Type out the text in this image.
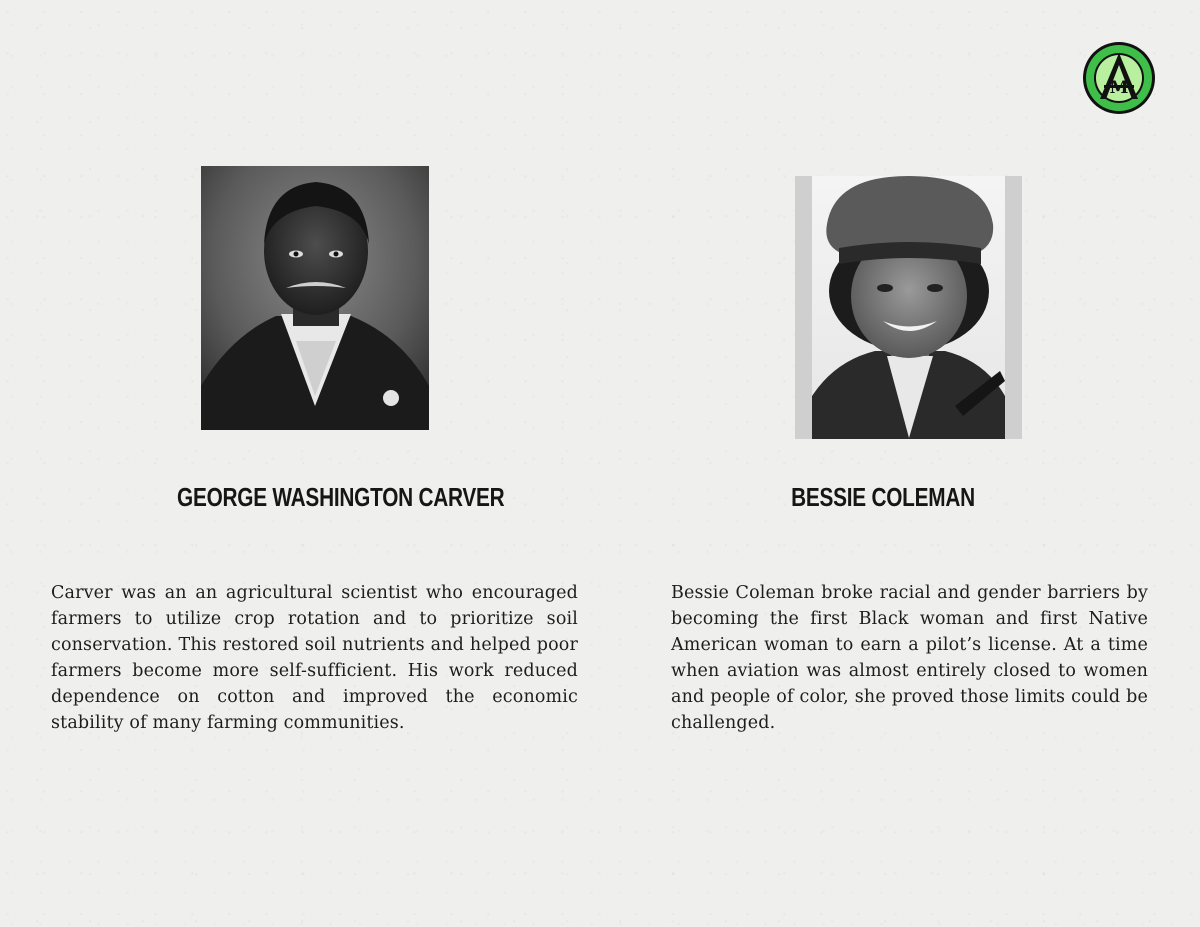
M
GEORGE WASHINGTON CARVER	BESSIE COLEMAN

Carver was an an agricultural scientist who encouraged farmers to utilize crop rotation and to prioritize soil conservation. This restored soil nutrients and helped poor farmers become more self-sufficient. His work reduced dependence on cotton and improved the economic stability of many farming communities.

Bessie Coleman broke racial and gender barriers by becoming the first Black woman and first Native American woman to earn a pilot’s license. At a time when aviation was almost entirely closed to women and people of color, she proved those limits could be challenged.
